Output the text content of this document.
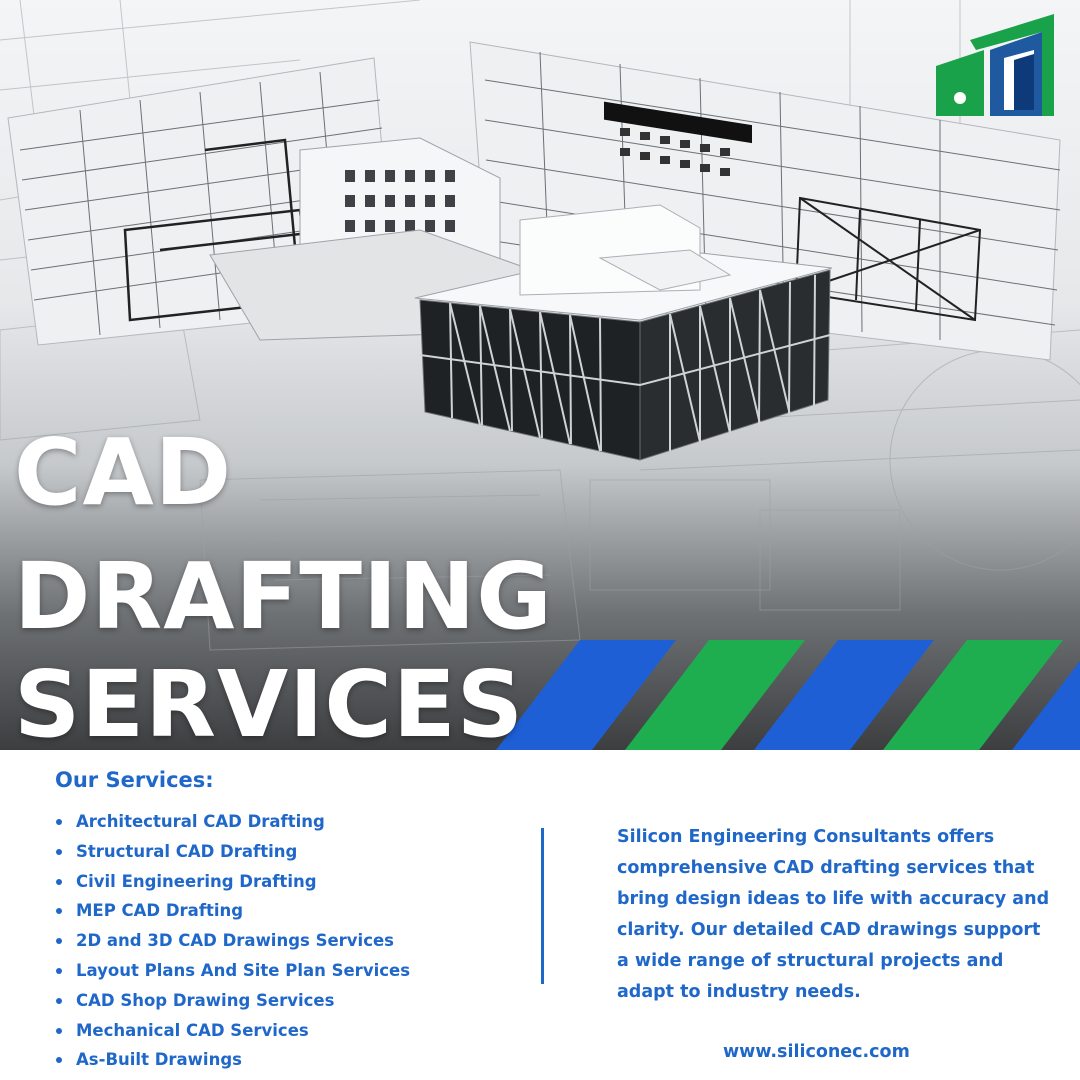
CAD
DRAFTING
SERVICES
Our Services:
Architectural CAD Drafting
Structural CAD Drafting
Civil Engineering Drafting
MEP CAD Drafting
2D and 3D CAD Drawings Services
Layout Plans And Site Plan Services
CAD Shop Drawing Services
Mechanical CAD Services
As-Built Drawings

Silicon Engineering Consultants offers comprehensive CAD drafting services that bring design ideas to life with accuracy and clarity. Our detailed CAD drawings support a wide range of structural projects and adapt to industry needs.

www.siliconec.com
